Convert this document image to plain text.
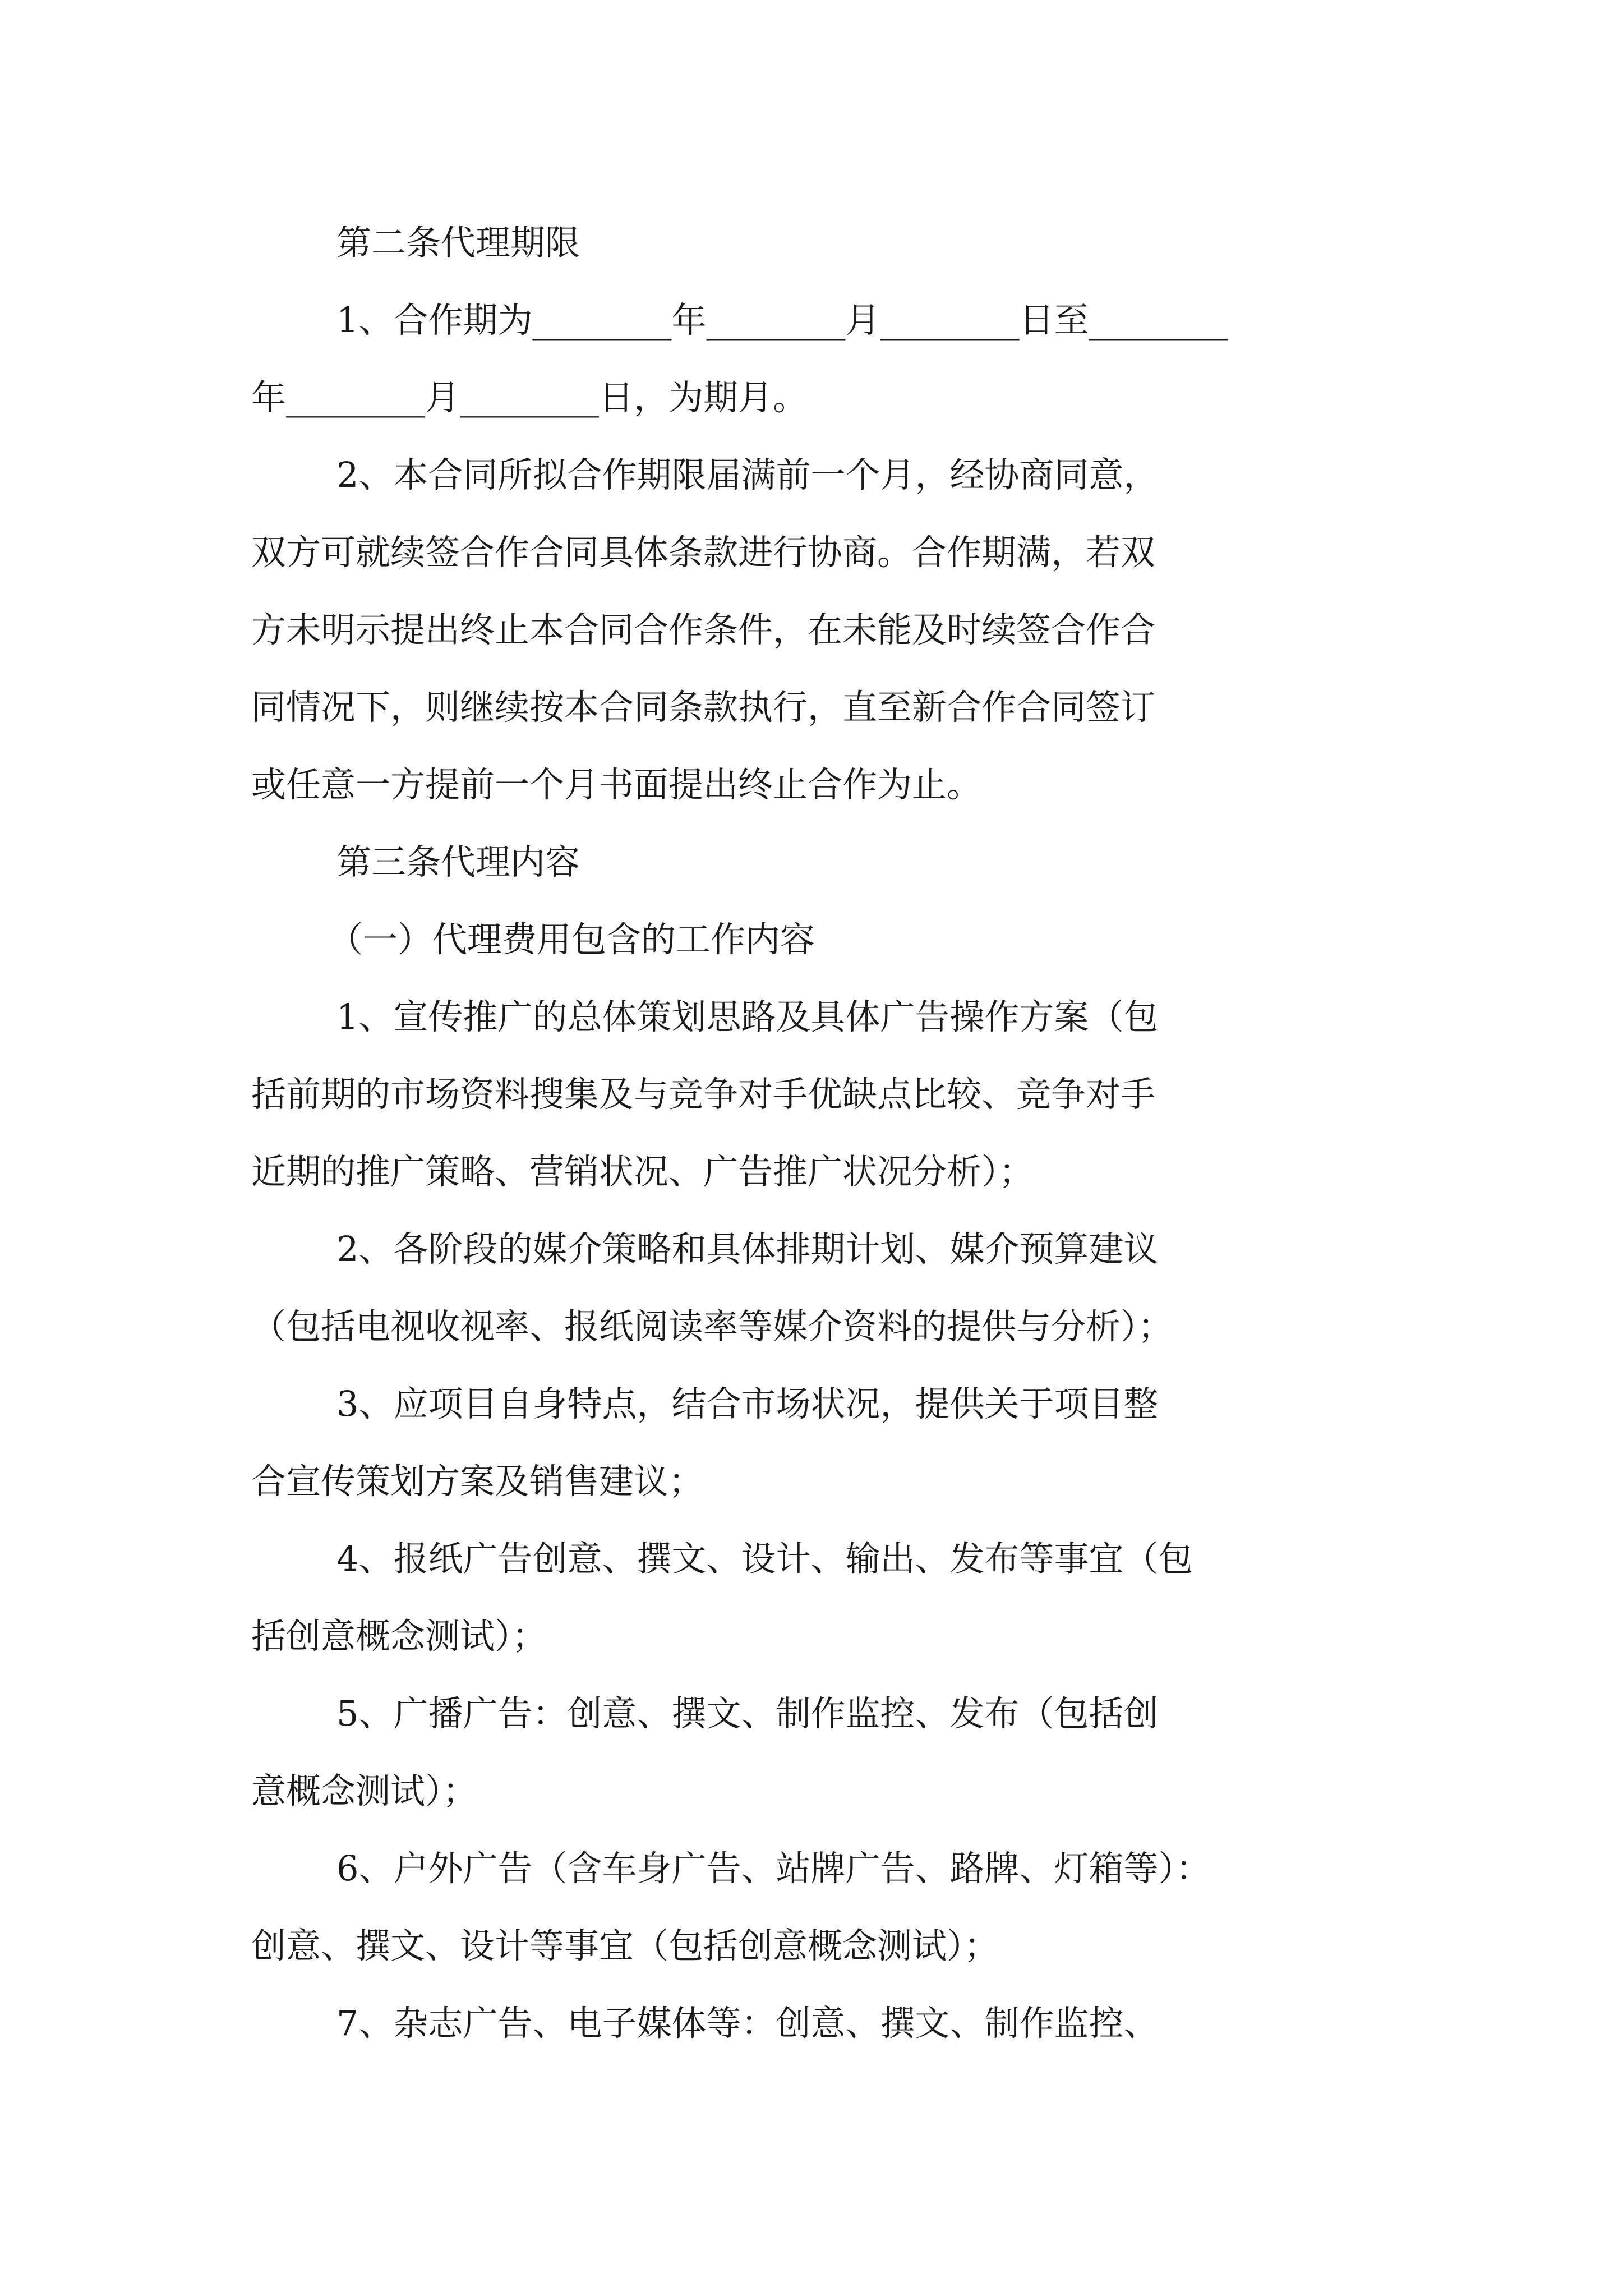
第二条代理期限
1、合作期为________年________月________日至________
年________月________日，为期月。
2、本合同所拟合作期限届满前一个月，经协商同意，
双方可就续签合作合同具体条款进行协商。合作期满，若双
方未明示提出终止本合同合作条件，在未能及时续签合作合
同情况下，则继续按本合同条款执行，直至新合作合同签订
或任意一方提前一个月书面提出终止合作为止。
第三条代理内容
（一）代理费用包含的工作内容
1、宣传推广的总体策划思路及具体广告操作方案（包
括前期的市场资料搜集及与竞争对手优缺点比较、竞争对手
近期的推广策略、营销状况、广告推广状况分析）；
2、各阶段的媒介策略和具体排期计划、媒介预算建议
（包括电视收视率、报纸阅读率等媒介资料的提供与分析）；
3、应项目自身特点，结合市场状况，提供关于项目整
合宣传策划方案及销售建议；
4、报纸广告创意、撰文、设计、输出、发布等事宜（包
括创意概念测试）；
5、广播广告：创意、撰文、制作监控、发布（包括创
意概念测试）；
6、户外广告（含车身广告、站牌广告、路牌、灯箱等）：
创意、撰文、设计等事宜（包括创意概念测试）；
7、杂志广告、电子媒体等：创意、撰文、制作监控、
